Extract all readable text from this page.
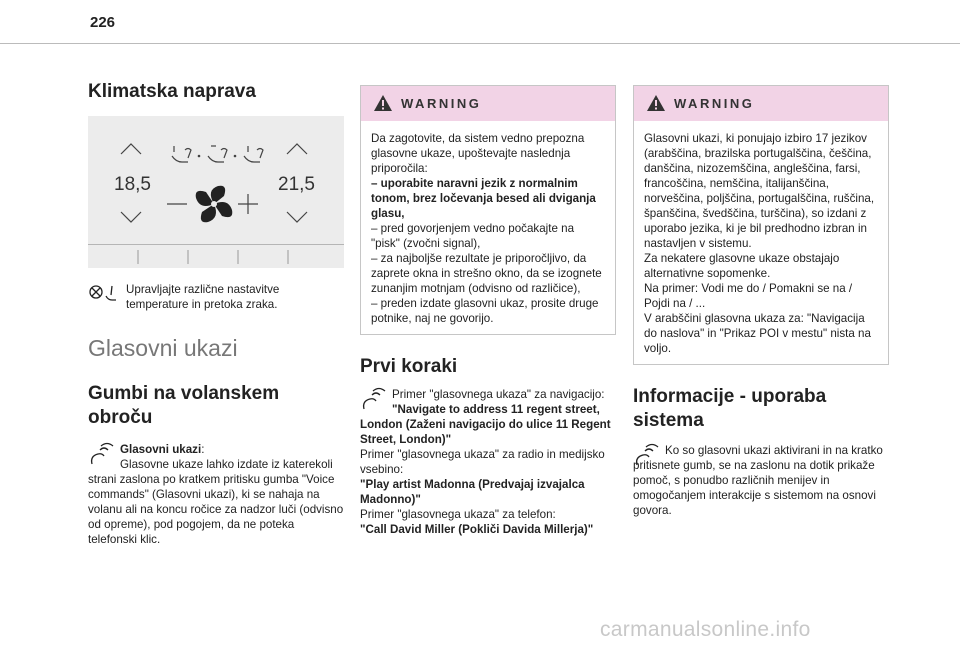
226
Klimatska naprava
18,5	21,5

Upravljajte različne nastavitve temperature in pretoka zraka.

Glasovni ukazi
Gumbi na volanskem obroču

Glasovni ukazi:

Glasovne ukaze lahko izdate iz katerekoli strani zaslona po kratkem pritisku gumba "Voice commands" (Glasovni ukazi), ki se nahaja na volanu ali na koncu ročice za nadzor luči (odvisno od opreme), pod pogojem, da ne poteka telefonski klic.

WARNING

Da zagotovite, da sistem vedno prepozna glasovne ukaze, upoštevajte naslednja priporočila:

– uporabite naravni jezik z normalnim tonom, brez ločevanja besed ali dviganja glasu,

– pred govorjenjem vedno počakajte na "pisk" (zvočni signal),

– za najboljše rezultate je priporočljivo, da zaprete okna in strešno okno, da se izognete zunanjim motnjam (odvisno od različice),

– preden izdate glasovni ukaz, prosite druge potnike, naj ne govorijo.

Prvi koraki

Primer "glasovnega ukaza" za navigacijo:

"Navigate to address 11 regent street, London (Zaženi navigacijo do ulice 11 Regent Street, London)"

Primer "glasovnega ukaza" za radio in medijsko vsebino:

"Play artist Madonna (Predvajaj izvajalca Madonno)"

Primer "glasovnega ukaza" za telefon:

"Call David Miller (Pokliči Davida Millerja)"

WARNING

Glasovni ukazi, ki ponujajo izbiro 17 jezikov (arabščina, brazilska portugalščina, češčina, danščina, nizozemščina, angleščina, farsi, francoščina, nemščina, italijanščina, norveščina, poljščina, portugalščina, ruščina, španščina, švedščina, turščina), so izdani z uporabo jezika, ki je bil predhodno izbran in nastavljen v sistemu.

Za nekatere glasovne ukaze obstajajo alternativne sopomenke.

Na primer: Vodi me do / Pomakni se na / Pojdi na / ...

V arabščini glasovna ukaza za: "Navigacija do naslova" in "Prikaz POI v mestu" nista na voljo.

Informacije - uporaba sistema

Ko so glasovni ukazi aktivirani in na kratko pritisnete gumb, se na zaslonu na dotik prikaže pomoč, s ponudbo različnih menijev in omogočanjem interakcije s sistemom na osnovi govora.

carmanualsonline.info
